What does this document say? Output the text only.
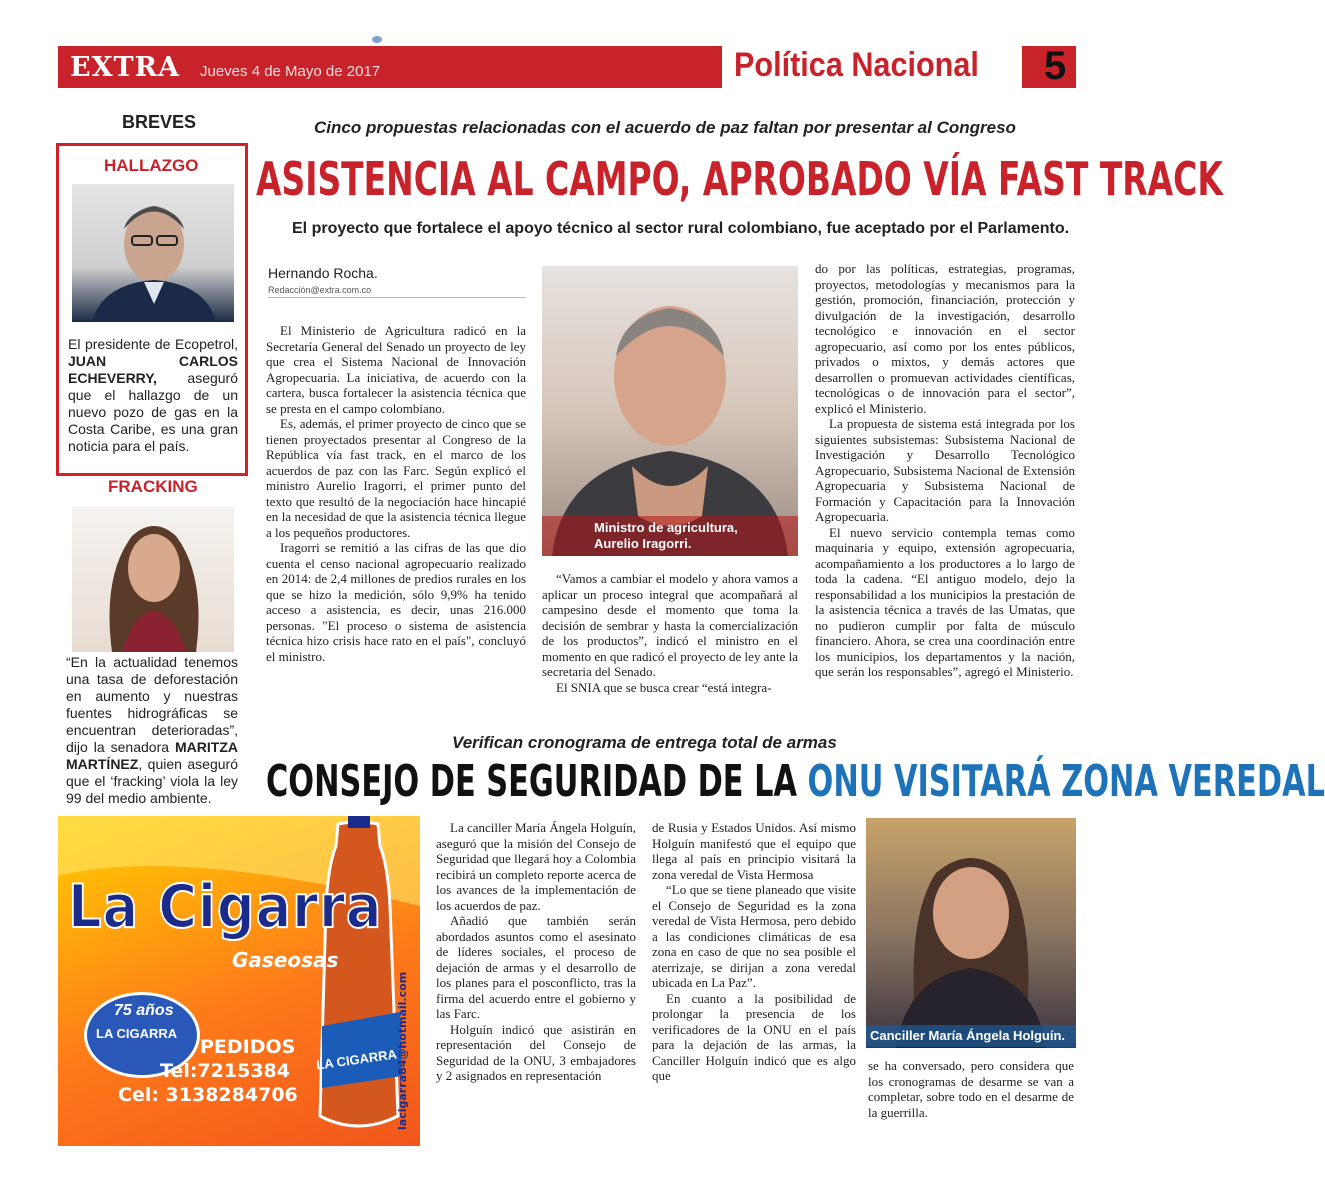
EXTRA Jueves 4 de Mayo de 2017	Política Nacional 5
BREVES
HALLAZGO
El presidente de Ecopetrol, JUAN CARLOS ECHEVERRY, aseguró que el hallazgo de un nuevo pozo de gas en la Costa Caribe, es una gran noticia para el país.
FRACKING
“En la actualidad tenemos una tasa de deforestación en aumento y nuestras fuentes hidrográficas se encuentran deterioradas”, dijo la senadora MARITZA MARTÍNEZ, quien aseguró que el ‘fracking’ viola la ley 99 del medio ambiente.
Cinco propuestas relacionadas con el acuerdo de paz faltan por presentar al Congreso
ASISTENCIA AL CAMPO, APROBADO VÍA FAST TRACK
El proyecto que fortalece el apoyo técnico al sector rural colombiano, fue aceptado por el Parlamento.
Hernando Rocha.
Redacción@extra.com.co

El Ministerio de Agricultura radicó en la Secretaría General del Senado un proyecto de ley que crea el Sistema Nacional de Innovación Agropecuaria. La iniciativa, de acuerdo con la cartera, busca fortalecer la asistencia técnica que se presta en el campo colombiano.

Es, además, el primer proyecto de cinco que se tienen proyectados presentar al Congreso de la República vía fast track, en el marco de los acuerdos de paz con las Farc. Según explicó el ministro Aurelio Iragorri, el primer punto del texto que resultó de la negociación hace hincapié en la necesidad de que la asistencia técnica llegue a los pequeños productores.

Iragorri se remitió a las cifras de las que dio cuenta el censo nacional agropecuario realizado en 2014: de 2,4 millones de predios rurales en los que se hizo la medición, sólo 9,9% ha tenido acceso a asistencia, es decir, unas 216.000 personas. "El proceso o sistema de asistencia técnica hizo crisis hace rato en el país", concluyó el ministro.

Ministro de agricultura, Aurelio Iragorri.

“Vamos a cambiar el modelo y ahora vamos a aplicar un proceso integral que acompañará al campesino desde el momento que toma la decisión de sembrar y hasta la comercialización de los productos”, indicó el ministro en el momento en que radicó el proyecto de ley ante la secretaria del Senado.

El SNIA que se busca crear “está integra-

do por las políticas, estrategias, programas, proyectos, metodologías y mecanismos para la gestión, promoción, financiación, protección y divulgación de la investigación, desarrollo tecnológico e innovación en el sector agropecuario, así como por los entes públicos, privados o mixtos, y demás actores que desarrollen o promuevan actividades científicas, tecnológicas o de innovación para el sector”, explicó el Ministerio.

La propuesta de sistema está integrada por los siguientes subsistemas: Subsistema Nacional de Investigación y Desarrollo Tecnológico Agropecuario, Subsistema Nacional de Extensión Agropecuaria y Subsistema Nacional de Formación y Capacitación para la Innovación Agropecuaria.

El nuevo servicio contempla temas como maquinaria y equipo, extensión agropecuaria, acompañamiento a los productores a lo largo de toda la cadena. “El antiguo modelo, dejo la responsabilidad a los municipios la prestación de la asistencia técnica a través de las Umatas, que no pudieron cumplir por falta de músculo financiero. Ahora, se crea una coordinación entre los municipios, los departamentos y la nación, que serán los responsables”, agregó el Ministerio.

Verifican cronograma de entrega total de armas
CONSEJO DE SEGURIDAD DE LA ONU VISITARÁ ZONA VEREDAL

La canciller María Ángela Holguín, aseguró que la misión del Consejo de Seguridad que llegará hoy a Colombia recibirá un completo reporte acerca de los avances de la implementación de los acuerdos de paz.

Añadió que también serán abordados asuntos como el asesinato de líderes sociales, el proceso de dejación de armas y el desarrollo de los planes para el posconflicto, tras la firma del acuerdo entre el gobierno y las Farc.

Holguín indicó que asistirán en representación del Consejo de Seguridad de la ONU, 3 embajadores y 2 asignados en representación

de Rusia y Estados Unidos. Así mismo Holguín manifestó que el equipo que llega al país en principio visitará la zona veredal de Vista Hermosa

“Lo que se tiene planeado que visite el Consejo de Seguridad es la zona veredal de Vista Hermosa, pero debido a las condiciones climáticas de esa zona en caso de que no sea posible el aterrizaje, se dirijan a zona veredal ubicada en La Paz”.

En cuanto a la posibilidad de prolongar la presencia de los verificadores de la ONU en el país para la dejación de las armas, la Canciller Holguín indicó que es algo que

Canciller María Ángela Holguín.

se ha conversado, pero considera que los cronogramas de desarme se van a completar, sobre todo en el desarme de la guerrilla.

La Cigarra
Gaseosas
75 años
LA CIGARRA
LA CIGARRA
PEDIDOS
Tel:7215384
Cel: 3138284706	lacigarra84@hotmail.com
